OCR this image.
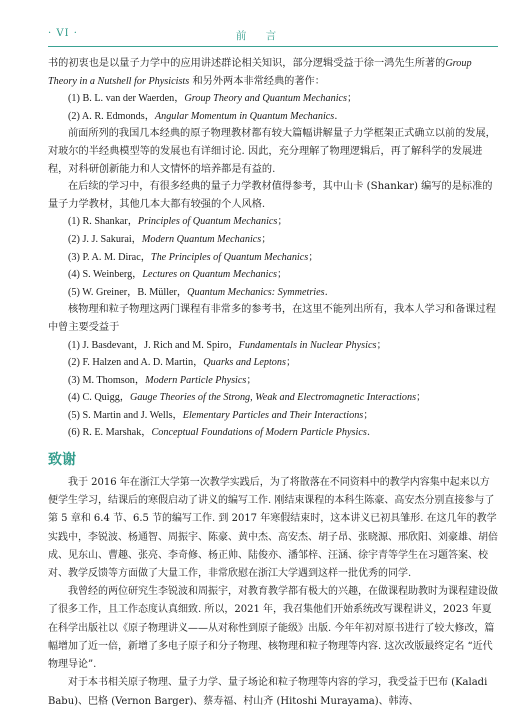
· VI ·	前 言

书的初衷也是以量子力学中的应用讲述群论相关知识，部分逻辑受益于徐一鸿先生所著的Group Theory in a Nutshell for Physicists 和另外两本非常经典的著作：

(1) B. L. van der Waerden，Group Theory and Quantum Mechanics；

(2) A. R. Edmonds，Angular Momentum in Quantum Mechanics.

前面所列的我国几本经典的原子物理教材都有较大篇幅讲解量子力学框架正式确立以前的发展，对玻尔的半经典模型等的发展也有详细讨论. 因此，充分理解了物理逻辑后，再了解科学的发展进程，对科研创新能力和人文情怀的培养都是有益的.

在后续的学习中，有很多经典的量子力学教材值得参考，其中山卡 (Shankar) 编写的是标准的量子力学教材，其他几本大都有较强的个人风格.

(1) R. Shankar，Principles of Quantum Mechanics；

(2) J. J. Sakurai，Modern Quantum Mechanics；

(3) P. A. M. Dirac，The Principles of Quantum Mechanics；

(4) S. Weinberg，Lectures on Quantum Mechanics；

(5) W. Greiner，B. Müller，Quantum Mechanics: Symmetries.

核物理和粒子物理这两门课程有非常多的参考书，在这里不能列出所有，我本人学习和备课过程中曾主要受益于

(1) J. Basdevant，J. Rich and M. Spiro，Fundamentals in Nuclear Physics；

(2) F. Halzen and A. D. Martin，Quarks and Leptons；

(3) M. Thomson，Modern Particle Physics；

(4) C. Quigg，Gauge Theories of the Strong, Weak and Electromagnetic Interactions；

(5) S. Martin and J. Wells，Elementary Particles and Their Interactions；

(6) R. E. Marshak，Conceptual Foundations of Modern Particle Physics.

致谢

我于 2016 年在浙江大学第一次教学实践后，为了将散落在不同资料中的教学内容集中起来以方便学生学习，结课后的寒假启动了讲义的编写工作. 刚结束课程的本科生陈豪、高安杰分别直接参与了第 5 章和 6.4 节、6.5 节的编写工作. 到 2017 年寒假结束时，这本讲义已初具雏形. 在这几年的教学实践中，李锐波、杨通智、周振宇、陈豪、黄中杰、高安杰、胡子昂、张晓源、邢欣阳、刘豪雄、胡倍成、见东山、曹趣、张亮、李奇修、杨正帅、陆俊亦、潘邹梓、汪涵、徐宇青等学生在习题答案、校对、教学反馈等方面做了大量工作，非常欣慰在浙江大学遇到这样一批优秀的同学.

我曾经的两位研究生李锐波和周振宇，对教育教学都有极大的兴趣，在做课程助教时为课程建设做了很多工作，且工作态度认真细致. 所以，2021 年，我召集他们开始系统改写课程讲义，2023 年夏在科学出版社以《原子物理讲义——从对称性到原子能级》出版. 今年年初对原书进行了较大修改，篇幅增加了近一倍，新增了多电子原子和分子物理、核物理和粒子物理等内容. 这次改版最终定名 “近代物理导论”.

对于本书相关原子物理、量子力学、量子场论和粒子物理等内容的学习，我受益于巴布 (Kaladi Babu)、巴格 (Vernon Barger)、蔡寿福、村山齐 (Hitoshi Murayama)、韩涛、
